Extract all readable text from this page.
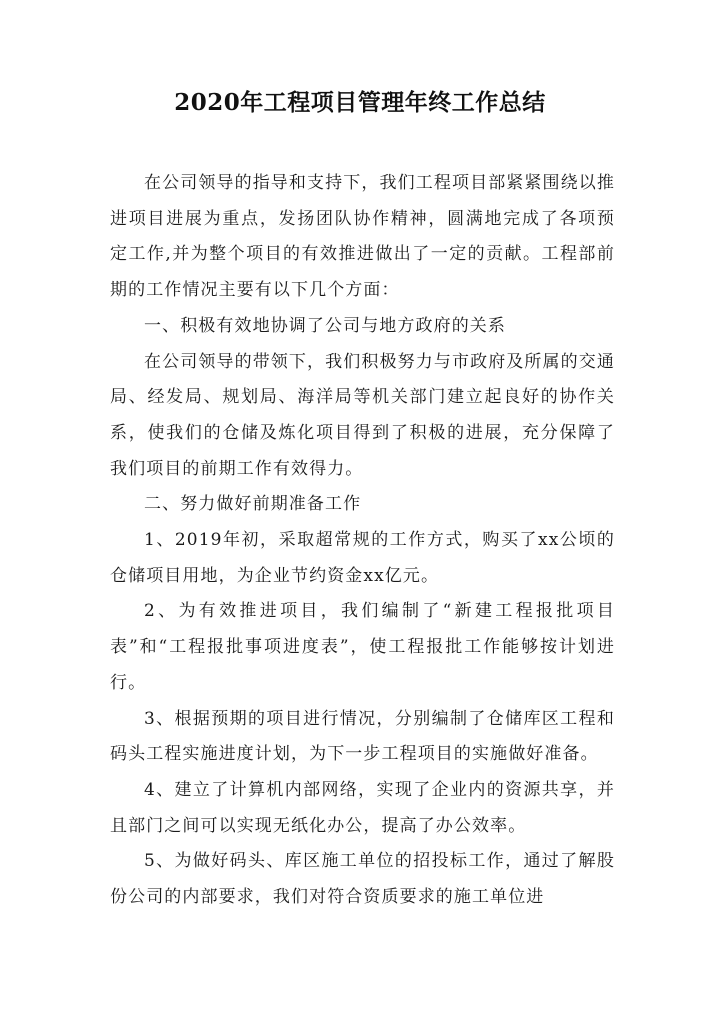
2020年工程项目管理年终工作总结

在公司领导的指导和支持下，我们工程项目部紧紧围绕以推进项目进展为重点，发扬团队协作精神，圆满地完成了各项预定工作,并为整个项目的有效推进做出了一定的贡献。工程部前期的工作情况主要有以下几个方面：

一、积极有效地协调了公司与地方政府的关系

在公司领导的带领下，我们积极努力与市政府及所属的交通局、经发局、规划局、海洋局等机关部门建立起良好的协作关系，使我们的仓储及炼化项目得到了积极的进展，充分保障了我们项目的前期工作有效得力。

二、努力做好前期准备工作

1、2019年初，采取超常规的工作方式，购买了xx公顷的仓储项目用地，为企业节约资金xx亿元。

2、为有效推进项目，我们编制了“新建工程报批项目表”和“工程报批事项进度表”，使工程报批工作能够按计划进行。

3、根据预期的项目进行情况，分别编制了仓储库区工程和码头工程实施进度计划，为下一步工程项目的实施做好准备。

4、建立了计算机内部网络，实现了企业内的资源共享，并且部门之间可以实现无纸化办公，提高了办公效率。

5、为做好码头、库区施工单位的招投标工作，通过了解股份公司的内部要求，我们对符合资质要求的施工单位进
